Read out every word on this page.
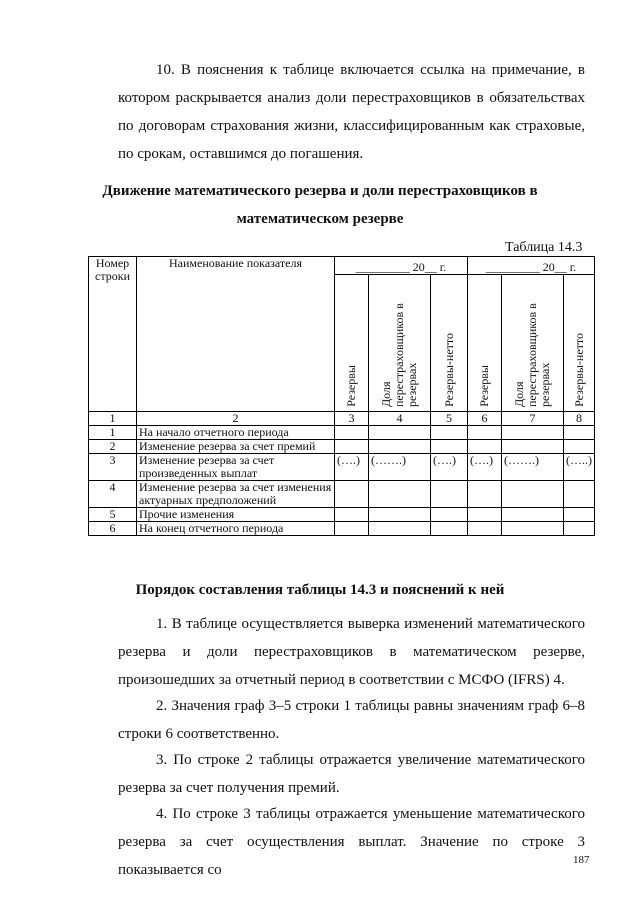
10. В пояснения к таблице включается ссылка на примечание, в котором раскрывается анализ доли перестраховщиков в обязательствах по договорам страхования жизни, классифицированным как страховые, по срокам, оставшимся до погашения.
Движение математического резерва и доли перестраховщиков в
математическом резерве
Таблица 14.3
Номер строки	Наименование показателя	_________ 20__ г.			_________ 20__ г.		

		Резервы	Доля перестраховщиков в резервах	Резервы-нетто	Резервы	Доля перестраховщиков в резервах	Резервы-нетто

1	2	3	4	5	6	7	8
1	На начало отчетного периода						
2	Изменение резерва за счет премий						
3	Изменение резерва за счет произведенных выплат	(….)	(…….)	(….)	(….)	(…….)	(…..)
4	Изменение резерва за счет изменения актуарных предположений						
5	Прочие изменения						
6	На конец отчетного периода						
Порядок составления таблицы 14.3 и пояснений к ней
1. В таблице осуществляется выверка изменений математического резерва и доли перестраховщиков в математическом резерве, произошедших за отчетный период в соответствии с МСФО (IFRS) 4.
2. Значения граф 3–5 строки 1 таблицы равны значениям граф 6–8 строки 6 соответственно.
3. По строке 2 таблицы отражается увеличение математического резерва за счет получения премий.
4. По строке 3 таблицы отражается уменьшение математического резерва за счет осуществления выплат. Значение по строке 3 показывается со
187
